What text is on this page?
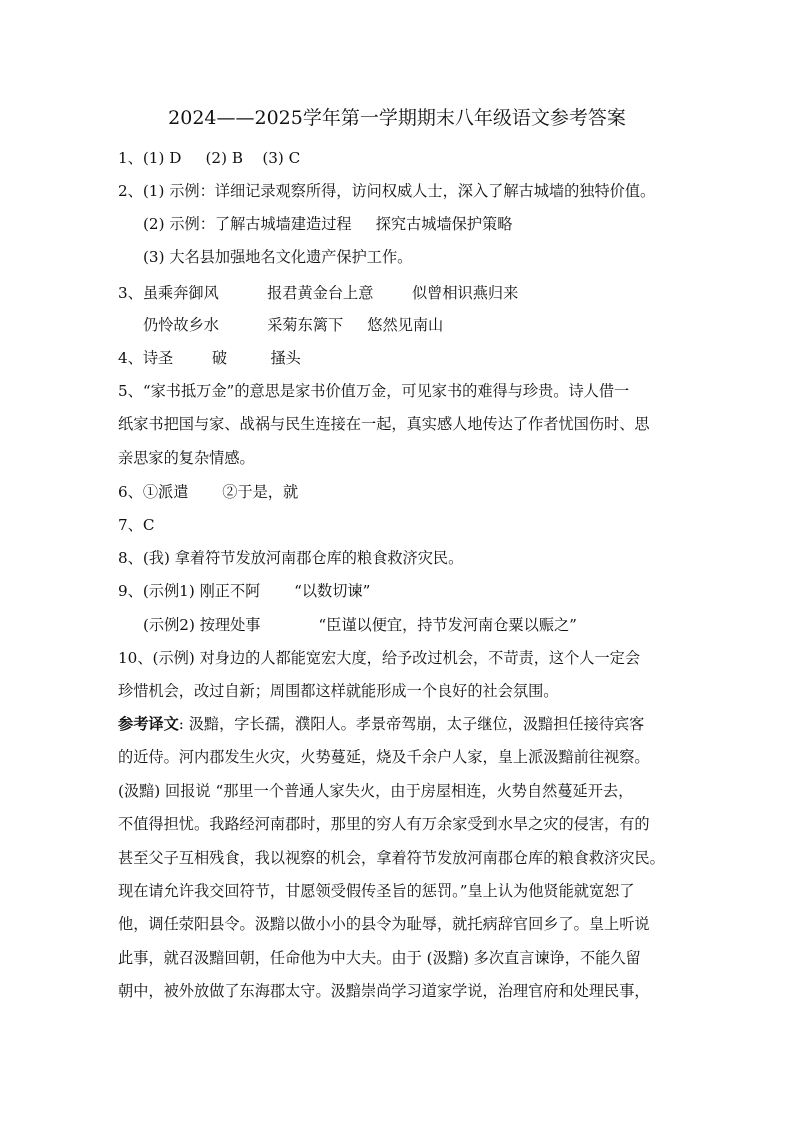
2024——2025学年第一学期期末八年级语文参考答案
1、(1) D     (2) B    (3) C
2、(1) 示例：详细记录观察所得，访问权威人士，深入了解古城墙的独特价值。
(2) 示例：了解古城墙建造过程     探究古城墙保护策略
(3) 大名县加强地名文化遗产保护工作。
3、虽乘奔御风          报君黄金台上意        似曾相识燕归来
仍怜故乡水          采菊东篱下     悠然见南山
4、诗圣        破         搔头
5、“家书抵万金”的意思是家书价值万金，可见家书的难得与珍贵。诗人借一
纸家书把国与家、战祸与民生连接在一起，真实感人地传达了作者忧国伤时、思
亲思家的复杂情感。
6、①派遣       ②于是，就
7、C
8、(我) 拿着符节发放河南郡仓库的粮食救济灾民。
9、(示例1) 刚正不阿       “以数切谏”
(示例2) 按理处事            “臣谨以便宜，持节发河南仓粟以赈之”
10、(示例) 对身边的人都能宽宏大度，给予改过机会，不苛责，这个人一定会
珍惜机会，改过自新；周围都这样就能形成一个良好的社会氛围。
参考译文: 汲黯，字长孺，濮阳人。孝景帝驾崩，太子继位，汲黯担任接待宾客
的近侍。河内郡发生火灾，火势蔓延，烧及千余户人家，皇上派汲黯前往视察。
(汲黯) 回报说 “那里一个普通人家失火，由于房屋相连，火势自然蔓延开去，
不值得担忧。我路经河南郡时，那里的穷人有万余家受到水旱之灾的侵害，有的
甚至父子互相残食，我以视察的机会，拿着符节发放河南郡仓库的粮食救济灾民。
现在请允许我交回符节，甘愿领受假传圣旨的惩罚。”皇上认为他贤能就宽恕了
他，调任荥阳县令。汲黯以做小小的县令为耻辱，就托病辞官回乡了。皇上听说
此事，就召汲黯回朝，任命他为中大夫。由于 (汲黯) 多次直言谏诤，不能久留
朝中，被外放做了东海郡太守。汲黯崇尚学习道家学说，治理官府和处理民事，
